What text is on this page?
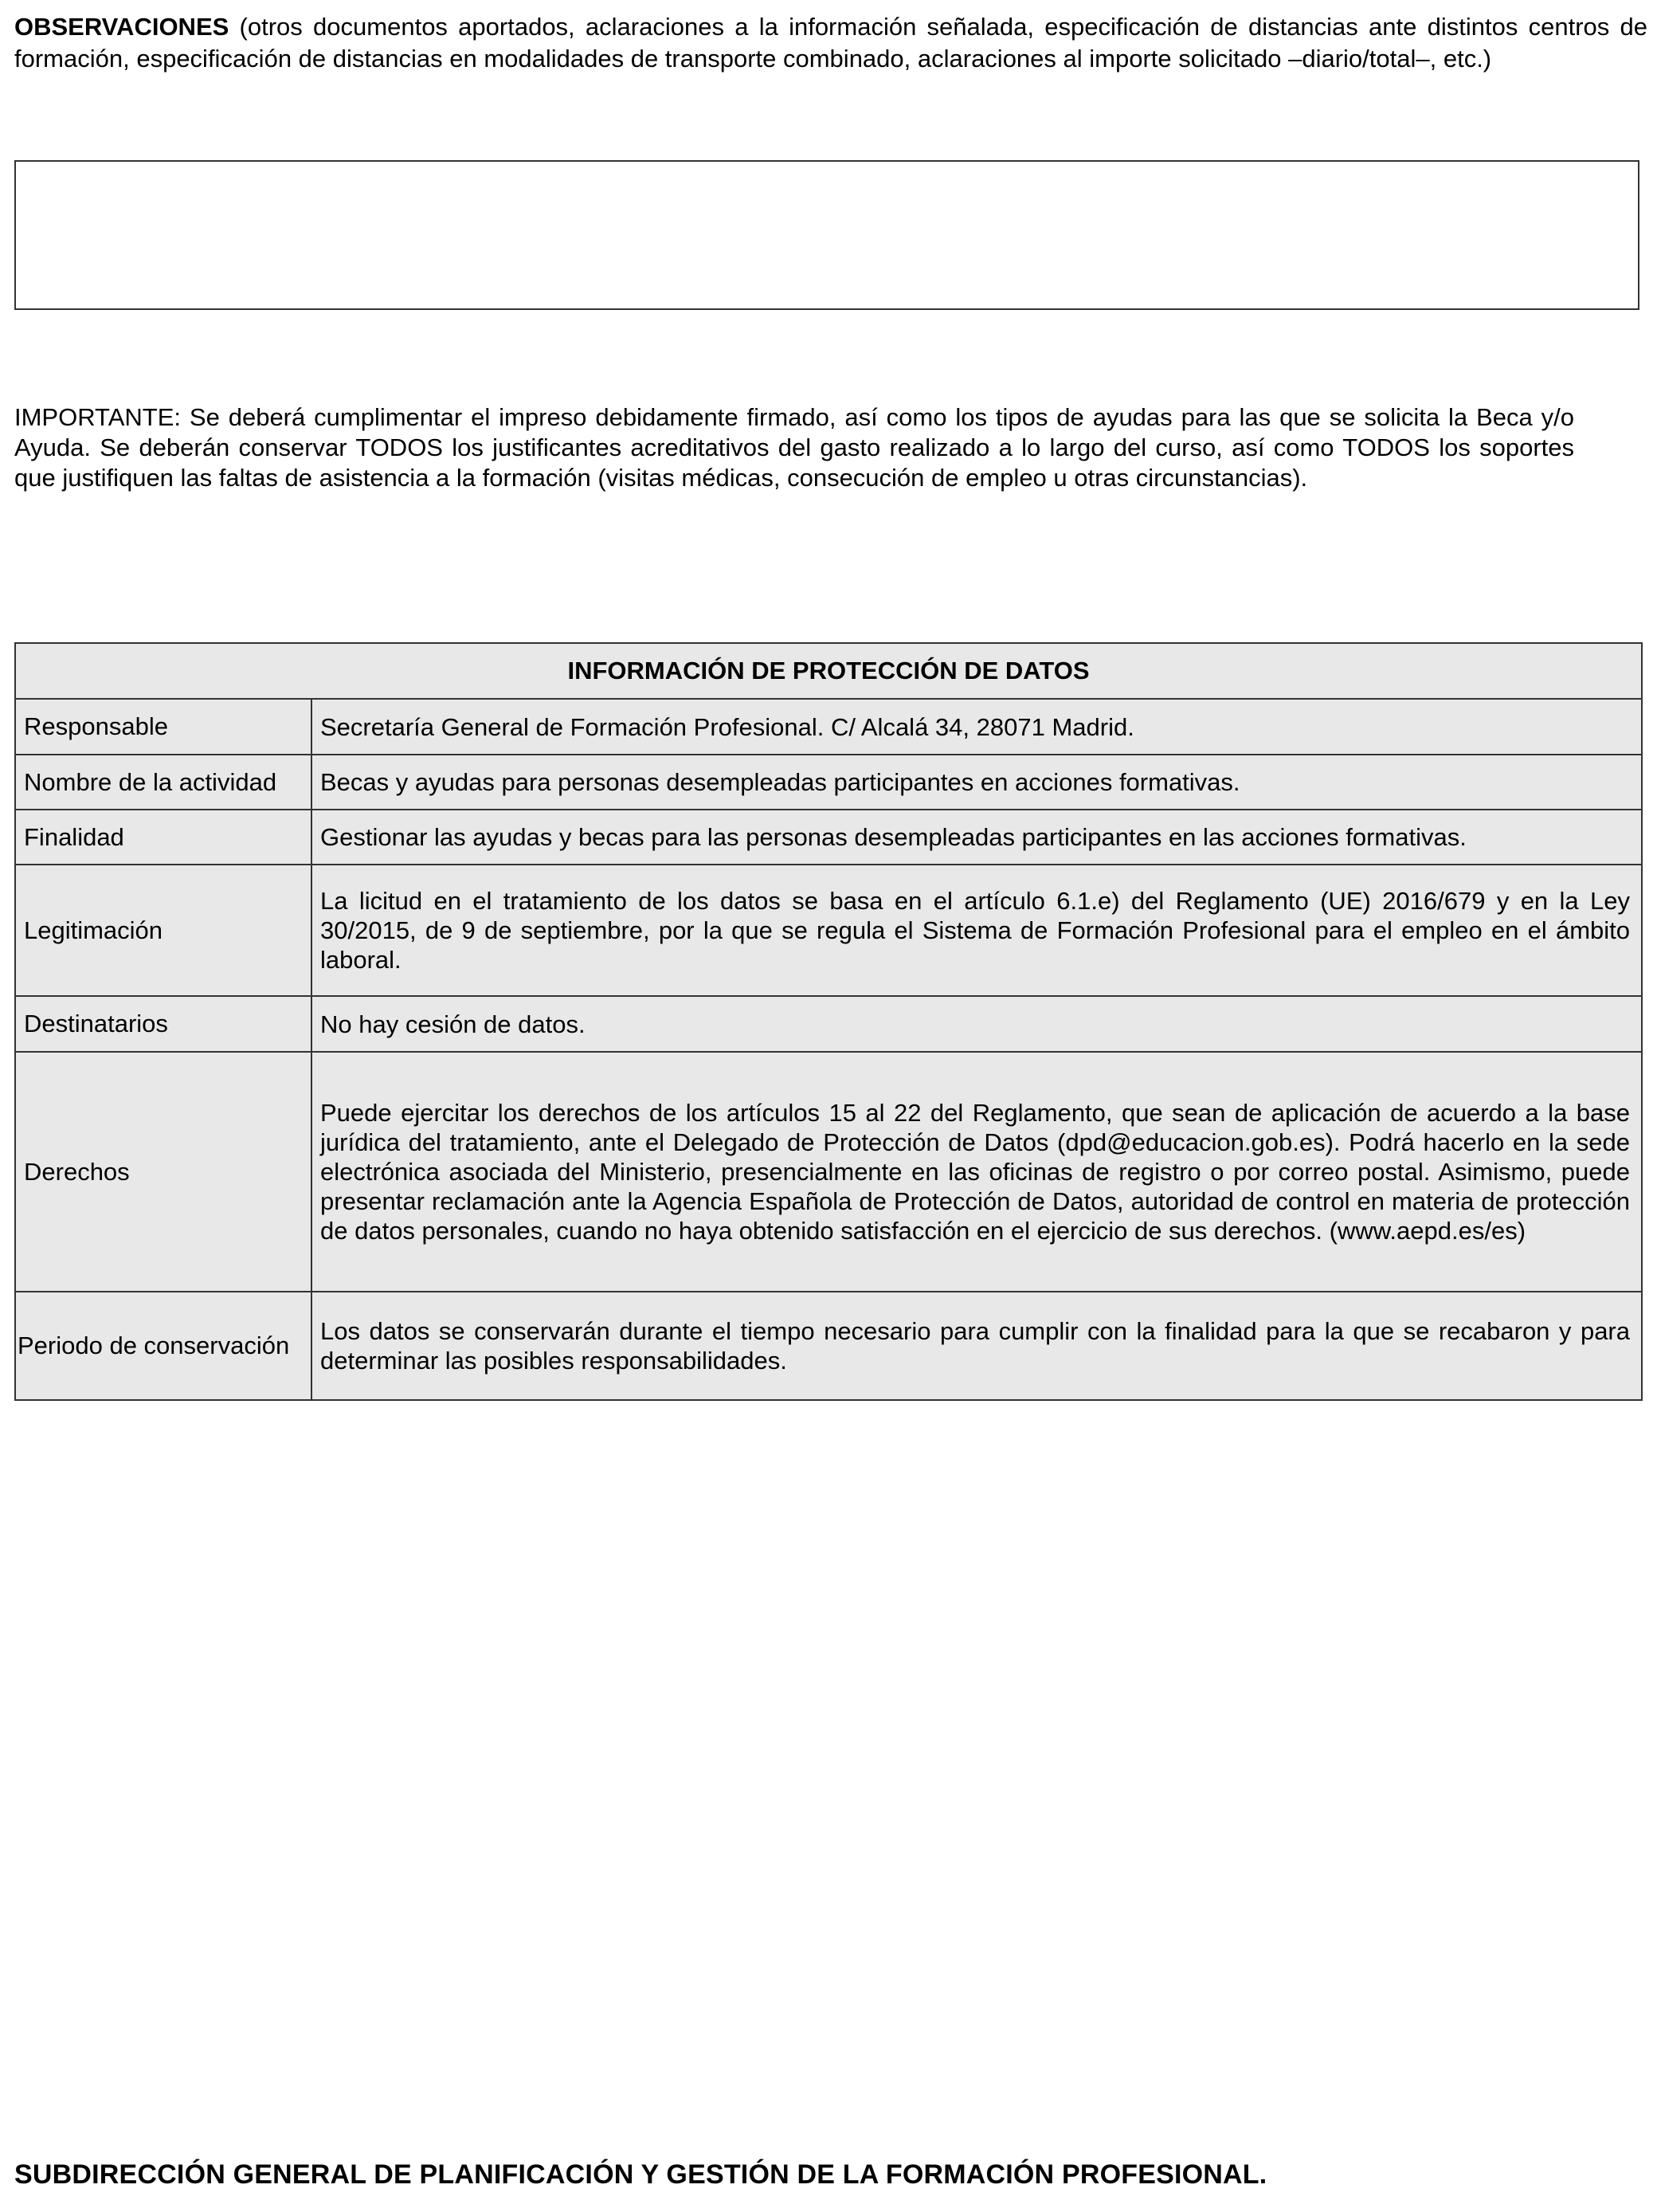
OBSERVACIONES (otros documentos aportados, aclaraciones a la información señalada, especificación de distancias ante distintos centros de formación, especificación de distancias en modalidades de transporte combinado, aclaraciones al importe solicitado –diario/total–, etc.)
IMPORTANTE: Se deberá cumplimentar el impreso debidamente firmado, así como los tipos de ayudas para las que se solicita la Beca y/o Ayuda. Se deberán conservar TODOS los justificantes acreditativos del gasto realizado a lo largo del curso, así como TODOS los soportes que justifiquen las faltas de asistencia a la formación (visitas médicas, consecución de empleo u otras circunstancias).
INFORMACIÓN DE PROTECCIÓN DE DATOS	
Responsable	Secretaría General de Formación Profesional. C/ Alcalá 34, 28071 Madrid.
Nombre de la actividad	Becas y ayudas para personas desempleadas participantes en acciones formativas.
Finalidad	Gestionar las ayudas y becas para las personas desempleadas participantes en las acciones formativas.
Legitimación	La licitud en el tratamiento de los datos se basa en el artículo 6.1.e) del Reglamento (UE) 2016/679 y en la Ley 30/2015, de 9 de septiembre, por la que se regula el Sistema de Formación Profesional para el empleo en el ámbito laboral.
Destinatarios	No hay cesión de datos.
Derechos	Puede ejercitar los derechos de los artículos 15 al 22 del Reglamento, que sean de aplicación de acuerdo a la base jurídica del tratamiento, ante el Delegado de Protección de Datos (dpd@educacion.gob.es). Podrá hacerlo en la sede electrónica asociada del Ministerio, presencialmente en las oficinas de registro o por correo postal. Asimismo, puede presentar reclamación ante la Agencia Española de Protección de Datos, autoridad de control en materia de protección de datos personales, cuando no haya obtenido satisfacción en el ejercicio de sus derechos. (www.aepd.es/es)
Periodo de conservación	Los datos se conservarán durante el tiempo necesario para cumplir con la finalidad para la que se recabaron y para determinar las posibles responsabilidades.
SUBDIRECCIÓN GENERAL DE PLANIFICACIÓN Y GESTIÓN DE LA FORMACIÓN PROFESIONAL.
